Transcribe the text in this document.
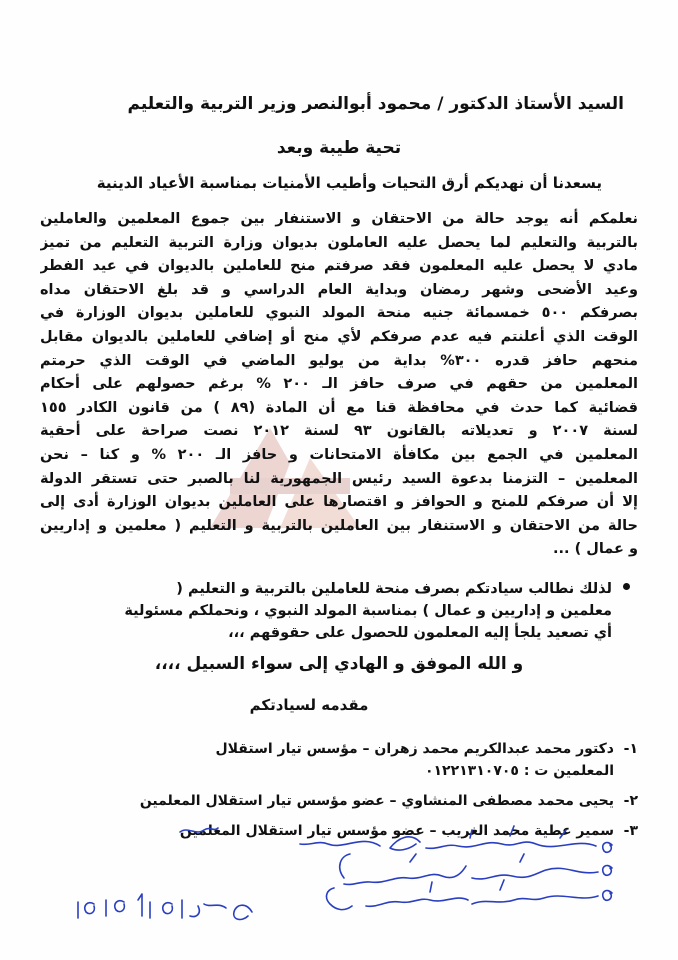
السيد الأستاذ الدكتور / محمود أبوالنصر وزير التربية والتعليم
تحية طيبة وبعد
يسعدنا أن نهديكم أرق التحيات وأطيب الأمنيات بمناسبة الأعياد الدينية
نعلمكم أنه يوجد حالة من الاحتقان و الاستنفار بين جموع المعلمين والعاملين
بالتربية والتعليم لما يحصل عليه العاملون بديوان وزارة التربية التعليم من تميز
مادي لا يحصل عليه المعلمون فقد صرفتم منح للعاملين بالديوان في عيد الفطر
وعيد الأضحى وشهر رمضان وبداية العام الدراسي و قد بلغ الاحتقان مداه
بصرفكم ٥٠٠ خمسمائة جنيه منحة المولد النبوي للعاملين بديوان الوزارة في
الوقت الذي أعلنتم فيه عدم صرفكم لأي منح أو إضافي للعاملين بالديوان مقابل
منحهم حافز قدره ٣٠٠% بداية من يوليو الماضي في الوقت الذي حرمتم
المعلمين من حقهم في صرف حافز الـ ٢٠٠ % برغم حصولهم على أحكام
قضائية كما حدث في محافظة قنا مع أن المادة (٨٩ ) من قانون الكادر ١٥٥
لسنة ٢٠٠٧ و تعديلاته بالقانون ٩٣ لسنة ٢٠١٢ نصت صراحة على أحقية
المعلمين في الجمع بين مكافأة الامتحانات و حافز الـ ٢٠٠ % و كنا – نحن
المعلمين – التزمنا بدعوة السيد رئيس الجمهورية لنا بالصبر حتى تستقر الدولة
إلا أن صرفكم للمنح و الحوافز و اقتصارها على العاملين بديوان الوزارة أدى إلى
حالة من الاحتقان و الاستنفار بين العاملين بالتربية و التعليم ( معلمين و إداريين
و عمال ) ...
لذلك نطالب سيادتكم بصرف منحة للعاملين بالتربية و التعليم (
معلمين و إداريين و عمال ) بمناسبة المولد النبوي ، ونحملكم مسئولية
أي تصعيد يلجأ إليه المعلمون للحصول على حقوقهم ،،،
و الله الموفق و الهادي إلى سواء السبيل ،،،،
مقدمه لسيادتكم
١-
دكتور محمد عبدالكريم محمد زهران – مؤسس تيار استقلال
المعلمين ت : ٠١٢٢١٣١٠٧٠٥
٢-
يحيى محمد مصطفى المنشاوي – عضو مؤسس تيار استقلال المعلمين
٣-
سمير عطية محمد الغريب – عضو مؤسس تيار استقلال المعلمين
